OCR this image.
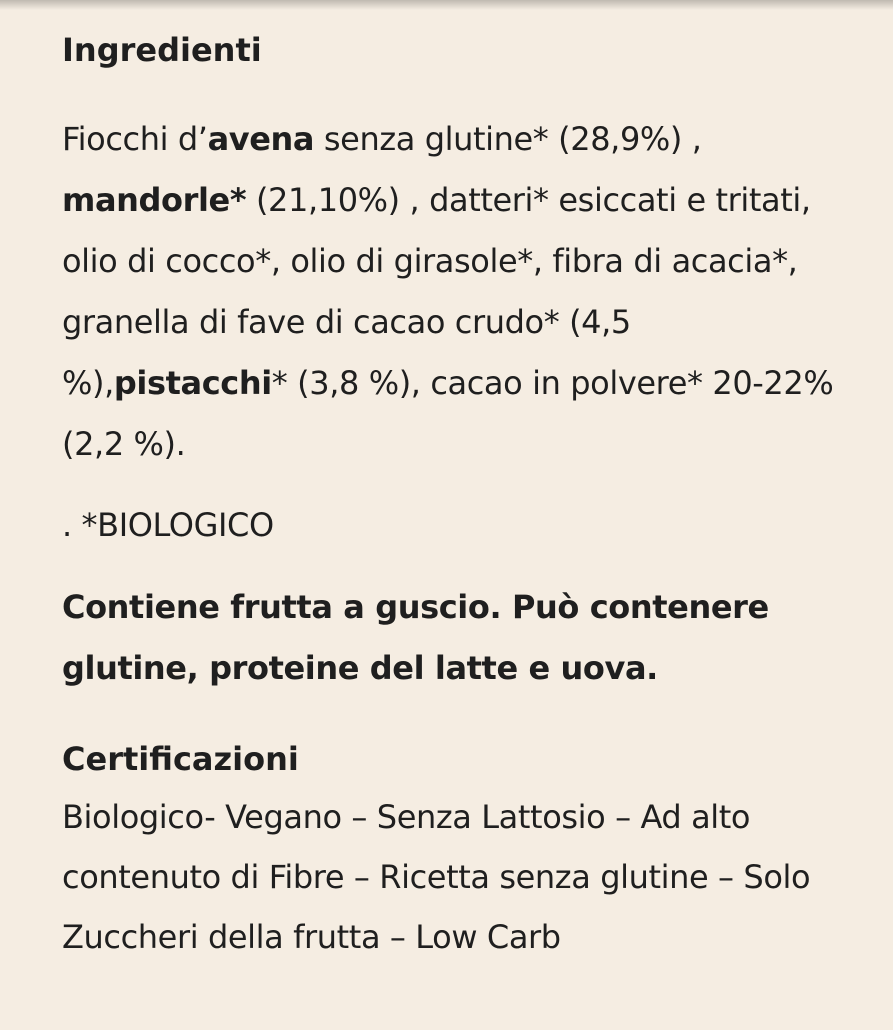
Ingredienti

Fiocchi d’avena senza glutine* (28,9%) ,
mandorle* (21,10%) , datteri* esiccati e tritati, olio di cocco*, olio di girasole*, fibra di acacia*, granella di fave di cacao crudo* (4,5 %),pistacchi* (3,8 %), cacao in polvere* 20-22% (2,2 %).

. *BIOLOGICO

Contiene frutta a guscio. Può contenere glutine, proteine del latte e uova.

Certificazioni

Biologico- Vegano – Senza Lattosio – Ad alto contenuto di Fibre – Ricetta senza glutine – Solo Zuccheri della frutta – Low Carb
